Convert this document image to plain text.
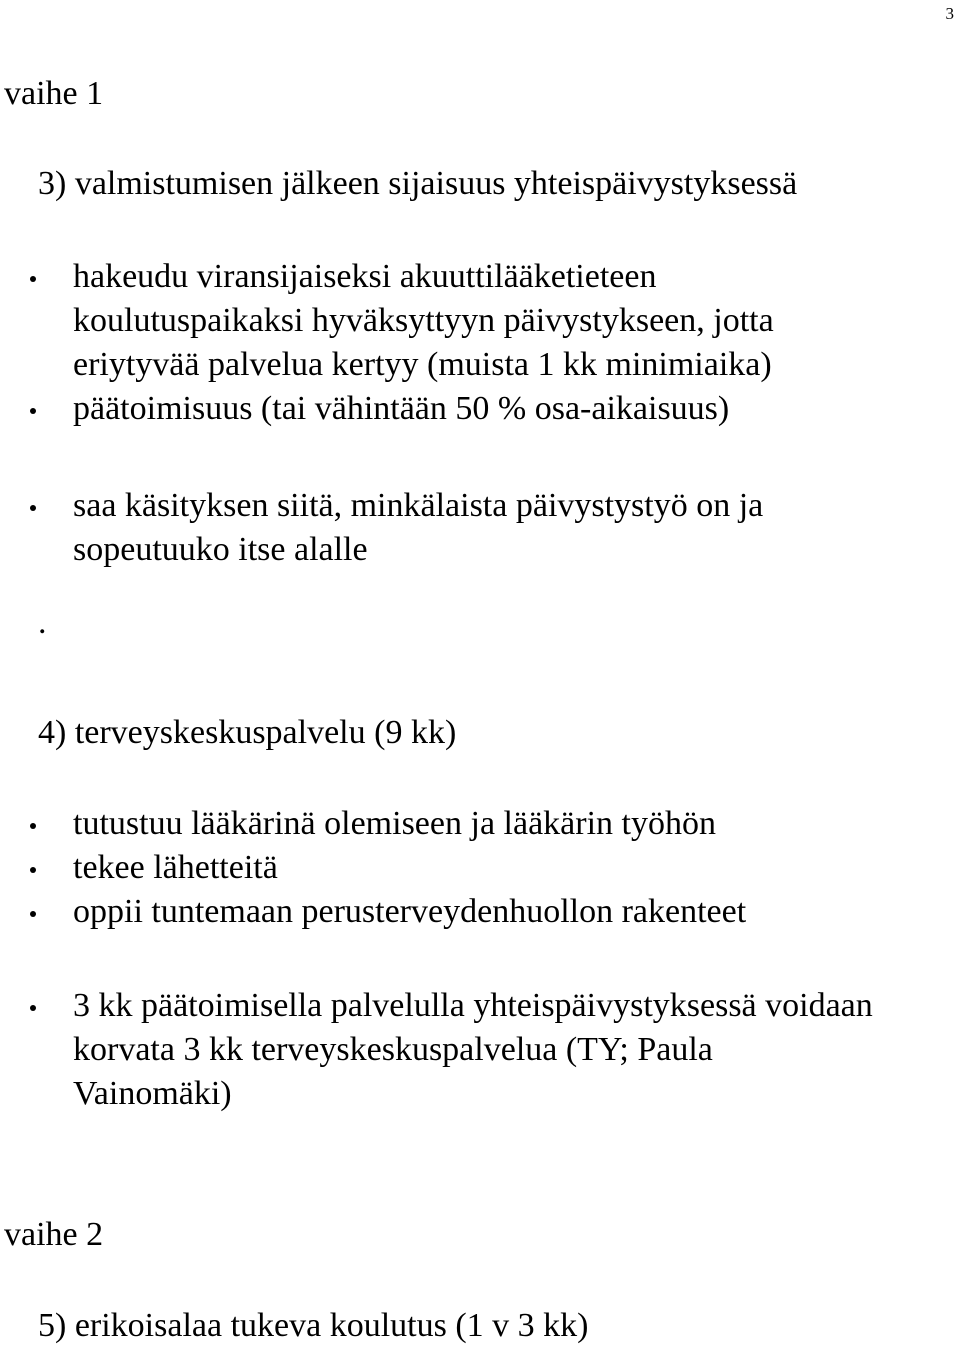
3
vaihe 1
3) valmistumisen jälkeen sijaisuus yhteispäivystyksessä
hakeudu viransijaiseksi akuuttilääketieteen koulutuspaikaksi hyväksyttyyn päivystykseen, jotta eriytyvää palvelua kertyy (muista 1 kk minimiaika)
päätoimisuus (tai vähintään 50 % osa-aikaisuus)
saa käsityksen siitä, minkälaista päivystystyö on ja sopeutuuko itse alalle
.
4) terveyskeskuspalvelu (9 kk)
tutustuu lääkärinä olemiseen ja lääkärin työhön
tekee lähetteitä
oppii tuntemaan perusterveydenhuollon rakenteet
3 kk päätoimisella palvelulla yhteispäivystyksessä voidaan korvata 3 kk terveyskeskuspalvelua (TY; Paula Vainomäki)
vaihe 2
5) erikoisalaa tukeva koulutus (1 v 3 kk)
